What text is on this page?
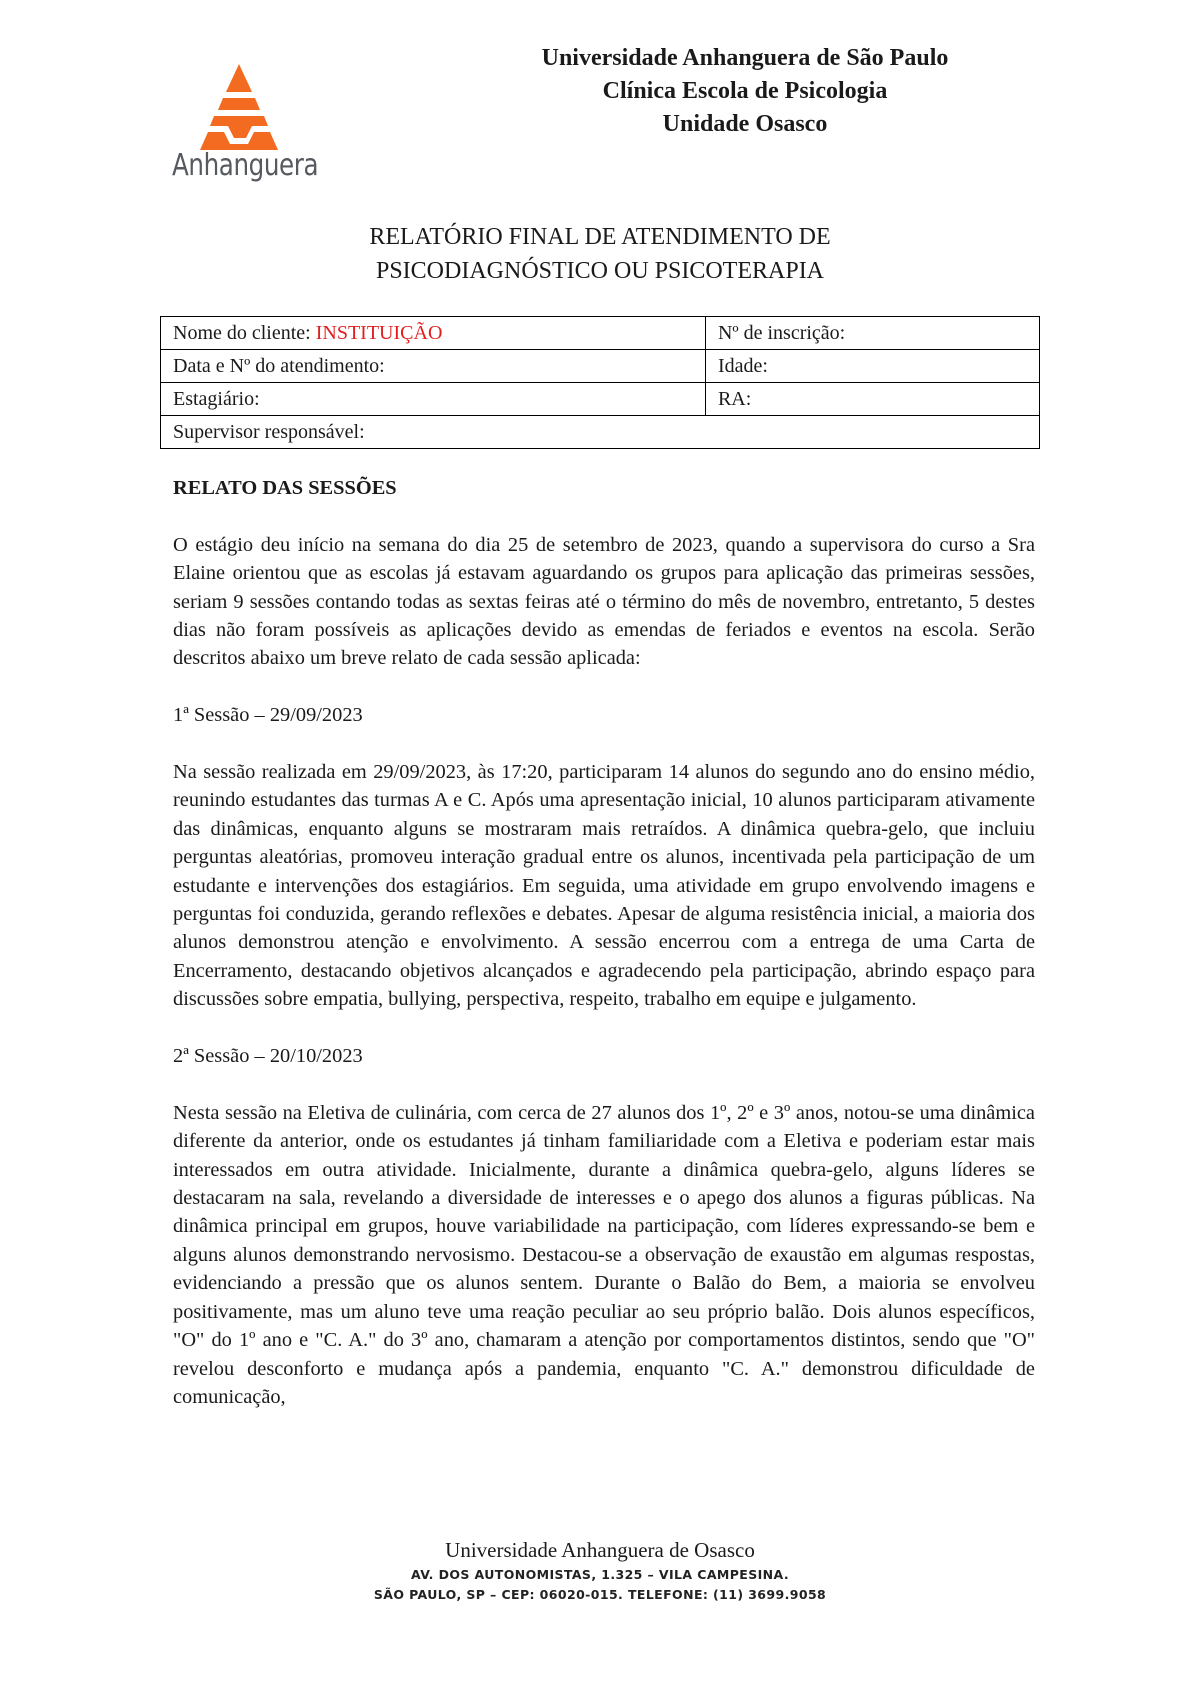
Anhanguera
Universidade Anhanguera de São Paulo
Clínica Escola de Psicologia
Unidade Osasco
RELATÓRIO FINAL DE ATENDIMENTO DE
PSICODIAGNÓSTICO OU PSICOTERAPIA
Nome do cliente: INSTITUIÇÃO	Nº de inscrição:
Data e Nº do atendimento:	Idade:
Estagiário:	RA:
Supervisor responsável:	
RELATO DAS SESSÕES

O estágio deu início na semana do dia 25 de setembro de 2023, quando a supervisora do curso a Sra Elaine orientou que as escolas já estavam aguardando os grupos para aplicação das primeiras sessões, seriam 9 sessões contando todas as sextas feiras até o término do mês de novembro, entretanto, 5 destes dias não foram possíveis as aplicações devido as emendas de feriados e eventos na escola. Serão descritos abaixo um breve relato de cada sessão aplicada:

1ª Sessão – 29/09/2023

Na sessão realizada em 29/09/2023, às 17:20, participaram 14 alunos do segundo ano do ensino médio, reunindo estudantes das turmas A e C. Após uma apresentação inicial, 10 alunos participaram ativamente das dinâmicas, enquanto alguns se mostraram mais retraídos. A dinâmica quebra-gelo, que incluiu perguntas aleatórias, promoveu interação gradual entre os alunos, incentivada pela participação de um estudante e intervenções dos estagiários. Em seguida, uma atividade em grupo envolvendo imagens e perguntas foi conduzida, gerando reflexões e debates. Apesar de alguma resistência inicial, a maioria dos alunos demonstrou atenção e envolvimento. A sessão encerrou com a entrega de uma Carta de Encerramento, destacando objetivos alcançados e agradecendo pela participação, abrindo espaço para discussões sobre empatia, bullying, perspectiva, respeito, trabalho em equipe e julgamento.

2ª Sessão – 20/10/2023

Nesta sessão na Eletiva de culinária, com cerca de 27 alunos dos 1º, 2º e 3º anos, notou-se uma dinâmica diferente da anterior, onde os estudantes já tinham familiaridade com a Eletiva e poderiam estar mais interessados em outra atividade. Inicialmente, durante a dinâmica quebra-gelo, alguns líderes se destacaram na sala, revelando a diversidade de interesses e o apego dos alunos a figuras públicas. Na dinâmica principal em grupos, houve variabilidade na participação, com líderes expressando-se bem e alguns alunos demonstrando nervosismo. Destacou-se a observação de exaustão em algumas respostas, evidenciando a pressão que os alunos sentem. Durante o Balão do Bem, a maioria se envolveu positivamente, mas um aluno teve uma reação peculiar ao seu próprio balão. Dois alunos específicos, "O" do 1º ano e "C. A." do 3º ano, chamaram a atenção por comportamentos distintos, sendo que "O" revelou desconforto e mudança após a pandemia, enquanto "C. A." demonstrou dificuldade de comunicação,

Universidade Anhanguera de Osasco
AV. DOS AUTONOMISTAS, 1.325 – VILA CAMPESINA.
SÃO PAULO, SP – CEP: 06020-015. TELEFONE: (11) 3699.9058
